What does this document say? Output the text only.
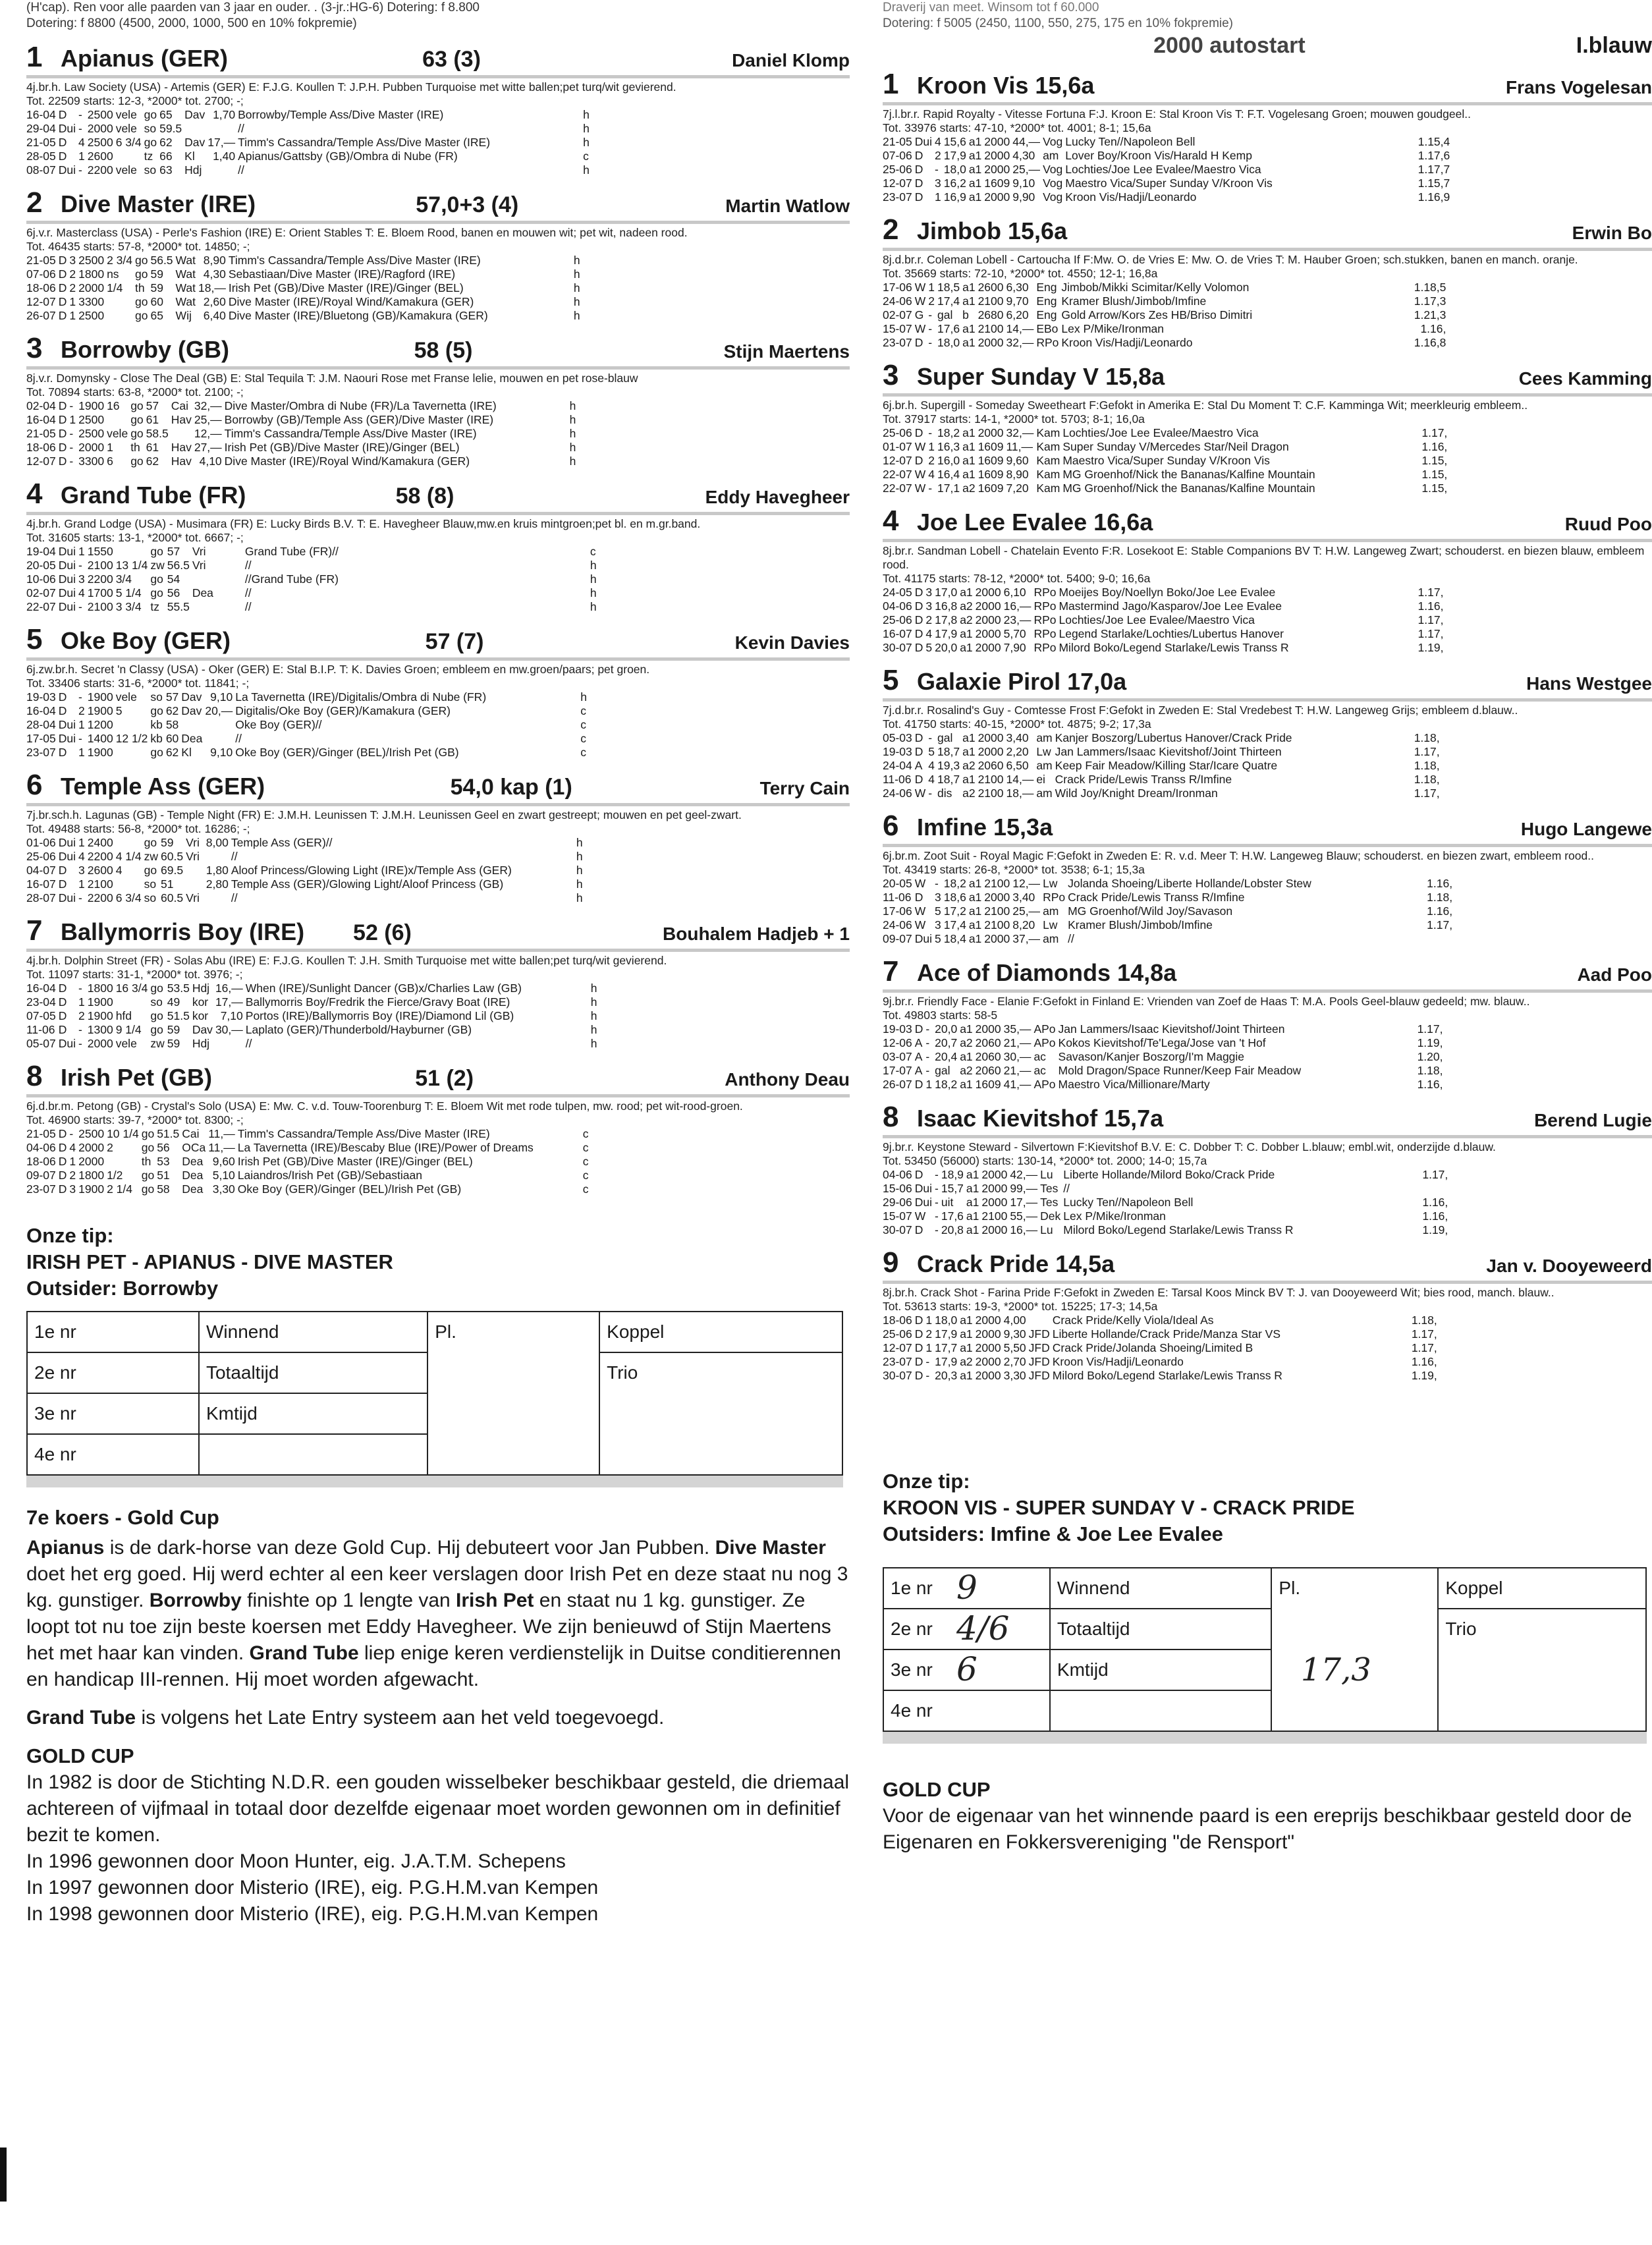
(H'cap). Ren voor alle paarden van 3 jaar en ouder. . (3-jr.:HG-6) Dotering: f 8.800
Dotering: f 8800 (4500, 2000, 1000, 500 en 10% fokpremie)
1 Apianus (GER)	63 (3)	Daniel Klomp
4j.br.h. Law Society (USA) - Artemis (GER) E: F.J.G. Koullen T: J.P.H. Pubben Turquoise met witte ballen;pet turq/wit gevierend.
Tot. 22509 starts: 12-3, *2000* tot. 2700; -;
16-04	D	-	2500	vele	go	65	Dav	1,70	Borrowby/Temple Ass/Dive Master (IRE)	h
29-04	Dui	-	2000	vele	so	59.5			//	h
21-05	D	4	2500	6 3/4	go	62	Dav	17,—	Timm's Cassandra/Temple Ass/Dive Master (IRE)	h
28-05	D	1	2600		tz	66	Kl	1,40	Apianus/Gattsby (GB)/Ombra di Nube (FR)	c
08-07	Dui	-	2200	vele	so	63	Hdj		//	h
2 Dive Master (IRE)	57,0+3 (4)	Martin Watlow
6j.v.r. Masterclass (USA) - Perle's Fashion (IRE) E: Orient Stables T: E. Bloem Rood, banen en mouwen wit; pet wit, nadeen rood.
Tot. 46435 starts: 57-8, *2000* tot. 14850; -;
21-05	D	3	2500	2 3/4	go	56.5	Wat	8,90	Timm's Cassandra/Temple Ass/Dive Master (IRE)	h
07-06	D	2	1800	ns	go	59	Wat	4,30	Sebastiaan/Dive Master (IRE)/Ragford (IRE)	h
18-06	D	2	2000	1/4	th	59	Wat	18,—	Irish Pet (GB)/Dive Master (IRE)/Ginger (BEL)	h
12-07	D	1	3300		go	60	Wat	2,60	Dive Master (IRE)/Royal Wind/Kamakura (GER)	h
26-07	D	1	2500		go	65	Wij	6,40	Dive Master (IRE)/Bluetong (GB)/Kamakura (GER)	h
3 Borrowby (GB)	58 (5)	Stijn Maertens
8j.v.r. Domynsky - Close The Deal (GB) E: Stal Tequila T: J.M. Naouri Rose met Franse lelie, mouwen en pet rose-blauw
Tot. 70894 starts: 63-8, *2000* tot. 2100; -;
02-04	D	-	1900	16	go	57	Cai	32,—	Dive Master/Ombra di Nube (FR)/La Tavernetta (IRE)	h
16-04	D	1	2500		go	61	Hav	25,—	Borrowby (GB)/Temple Ass (GER)/Dive Master (IRE)	h
21-05	D	-	2500	vele	go	58.5		12,—	Timm's Cassandra/Temple Ass/Dive Master (IRE)	h
18-06	D	-	2000	1	th	61	Hav	27,—	Irish Pet (GB)/Dive Master (IRE)/Ginger (BEL)	h
12-07	D	-	3300	6	go	62	Hav	4,10	Dive Master (IRE)/Royal Wind/Kamakura (GER)	h
4 Grand Tube (FR)	58 (8)	Eddy Havegheer
4j.br.h. Grand Lodge (USA) - Musimara (FR) E: Lucky Birds B.V. T: E. Havegheer Blauw,mw.en kruis mintgroen;pet bl. en m.gr.band.
Tot. 31605 starts: 13-1, *2000* tot. 6667; -;
19-04	Dui	1	1550		go	57	Vri		Grand Tube (FR)//	c
20-05	Dui	-	2100	13 1/4	zw	56.5	Vri		//	h
10-06	Dui	3	2200	3/4	go	54			//Grand Tube (FR)	h
02-07	Dui	4	1700	5 1/4	go	56	Dea		//	h
22-07	Dui	-	2100	3 3/4	tz	55.5			//	h
5 Oke Boy (GER)	57 (7)	Kevin Davies
6j.zw.br.h. Secret 'n Classy (USA) - Oker (GER) E: Stal B.I.P. T: K. Davies Groen; embleem en mw.groen/paars; pet groen.
Tot. 33406 starts: 31-6, *2000* tot. 11841; -;
19-03	D	-	1900	vele	so	57	Dav	9,10	La Tavernetta (IRE)/Digitalis/Ombra di Nube (FR)	h
16-04	D	2	1900	5	go	62	Dav	20,—	Digitalis/Oke Boy (GER)/Kamakura (GER)	c
28-04	Dui	1	1200		kb	58			Oke Boy (GER)//	c
17-05	Dui	-	1400	12 1/2	kb	60	Dea		//	c
23-07	D	1	1900		go	62	Kl	9,10	Oke Boy (GER)/Ginger (BEL)/Irish Pet (GB)	c
6 Temple Ass (GER)	54,0 kap (1)	Terry Cain
7j.br.sch.h. Lagunas (GB) - Temple Night (FR) E: J.M.H. Leunissen T: J.M.H. Leunissen Geel en zwart gestreept; mouwen en pet geel-zwart.
Tot. 49488 starts: 56-8, *2000* tot. 16286; -;
01-06	Dui	1	2400		go	59	Vri	8,00	Temple Ass (GER)//	h
25-06	Dui	4	2200	4 1/4	zw	60.5	Vri		//	h
04-07	D	3	2600	4	go	69.5		1,80	Aloof Princess/Glowing Light (IRE)x/Temple Ass (GER)	h
16-07	D	1	2100		so	51		2,80	Temple Ass (GER)/Glowing Light/Aloof Princess (GB)	h
28-07	Dui	-	2200	6 3/4	so	60.5	Vri		//	h
7 Ballymorris Boy (IRE)	52 (6)	Bouhalem Hadjeb + 1
4j.br.h. Dolphin Street (FR) - Solas Abu (IRE) E: F.J.G. Koullen T: J.H. Smith Turquoise met witte ballen;pet turq/wit gevierend.
Tot. 11097 starts: 31-1, *2000* tot. 3976; -;
16-04	D	-	1800	16 3/4	go	53.5	Hdj	16,—	When (IRE)/Sunlight Dancer (GB)x/Charlies Law (GB)	h
23-04	D	1	1900		so	49	kor	17,—	Ballymorris Boy/Fredrik the Fierce/Gravy Boat (IRE)	h
07-05	D	2	1900	hfd	go	51.5	kor	7,10	Portos (IRE)/Ballymorris Boy (IRE)/Diamond Lil (GB)	h
11-06	D	-	1300	9 1/4	go	59	Dav	30,—	Laplato (GER)/Thunderbold/Hayburner (GB)	h
05-07	Dui	-	2000	vele	zw	59	Hdj		//	h
8 Irish Pet (GB)	51 (2)	Anthony Deau
6j.d.br.m. Petong (GB) - Crystal's Solo (USA) E: Mw. C. v.d. Touw-Toorenburg T: E. Bloem Wit met rode tulpen, mw. rood; pet wit-rood-groen.
Tot. 46900 starts: 39-7, *2000* tot. 8300; -;
21-05	D	-	2500	10 1/4	go	51.5	Cai	11,—	Timm's Cassandra/Temple Ass/Dive Master (IRE)	c
04-06	D	4	2000	2	go	56	OCa	11,—	La Tavernetta (IRE)/Bescaby Blue (IRE)/Power of Dreams	c
18-06	D	1	2000		th	53	Dea	9,60	Irish Pet (GB)/Dive Master (IRE)/Ginger (BEL)	c
09-07	D	2	1800	1/2	go	51	Dea	5,10	Laiandros/Irish Pet (GB)/Sebastiaan	c
23-07	D	3	1900	2 1/4	go	58	Dea	3,30	Oke Boy (GER)/Ginger (BEL)/Irish Pet (GB)	c
Onze tip:
IRISH PET - APIANUS - DIVE MASTER
Outsider: Borrowby
1e nr	Winnend	Pl.	Koppel
2e nr	Totaaltijd		Trio
3e nr	Kmtijd		
4e nr			
7e koers - Gold Cup

Apianus is de dark-horse van deze Gold Cup. Hij debuteert voor Jan Pubben. Dive Master doet het erg goed. Hij werd echter al een keer verslagen door Irish Pet en deze staat nu nog 3 kg. gunstiger. Borrowby finishte op 1 lengte van Irish Pet en staat nu 1 kg. gunstiger. Ze loopt tot nu toe zijn beste koersen met Eddy Havegheer. We zijn benieuwd of Stijn Maertens het met haar kan vinden. Grand Tube liep enige keren verdienstelijk in Duitse conditierennen en handicap III-rennen. Hij moet worden afgewacht.

Grand Tube is volgens het Late Entry systeem aan het veld toegevoegd.

GOLD CUP
In 1982 is door de Stichting N.D.R. een gouden wisselbeker beschikbaar gesteld, die driemaal achtereen of vijfmaal in totaal door dezelfde eigenaar moet worden gewonnen om in definitief bezit te komen.
In 1996 gewonnen door Moon Hunter, eig. J.A.T.M. Schepens
In 1997 gewonnen door Misterio (IRE), eig. P.G.H.M.van Kempen
In 1998 gewonnen door Misterio (IRE), eig. P.G.H.M.van Kempen
Draverij van meet. Winsom tot f 60.000
Dotering: f 5005 (2450, 1100, 550, 275, 175 en 10% fokpremie)
2000 autostart	I.blauw
1 Kroon Vis 15,6a	Frans Vogelesan
7j.l.br.r. Rapid Royalty - Vitesse Fortuna F:J. Kroon E: Stal Kroon Vis T: F.T. Vogelesang Groen; mouwen goudgeel..
Tot. 33976 starts: 47-10, *2000* tot. 4001; 8-1; 15,6a
21-05	Dui	4	15,6	a1	2000	44,—	Vog	Lucky Ten//Napoleon Bell	1.15,4
07-06	D	2	17,9	a1	2000	4,30	am	Lover Boy/Kroon Vis/Harald H Kemp	1.17,6
25-06	D	-	18,0	a1	2000	25,—	Vog	Lochties/Joe Lee Evalee/Maestro Vica	1.17,7
12-07	D	3	16,2	a1	1609	9,10	Vog	Maestro Vica/Super Sunday V/Kroon Vis	1.15,7
23-07	D	1	16,9	a1	2000	9,90	Vog	Kroon Vis/Hadji/Leonardo	1.16,9
2 Jimbob 15,6a	Erwin Bo
8j.d.br.r. Coleman Lobell - Cartoucha If F:Mw. O. de Vries E: Mw. O. de Vries T: M. Hauber Groen; sch.stukken, banen en manch. oranje.
Tot. 35669 starts: 72-10, *2000* tot. 4550; 12-1; 16,8a
17-06	W	1	18,5	a1	2600	6,30	Eng	Jimbob/Mikki Scimitar/Kelly Volomon	1.18,5
24-06	W	2	17,4	a1	2100	9,70	Eng	Kramer Blush/Jimbob/Imfine	1.17,3
02-07	G	-	gal	b	2680	6,20	Eng	Gold Arrow/Kors Zes HB/Briso Dimitri	1.21,3
15-07	W	-	17,6	a1	2100	14,—	EBo	Lex P/Mike/Ironman	1.16,
23-07	D	-	18,0	a1	2000	32,—	RPo	Kroon Vis/Hadji/Leonardo	1.16,8
3 Super Sunday V 15,8a	Cees Kamming
6j.br.h. Supergill - Someday Sweetheart F:Gefokt in Amerika E: Stal Du Moment T: C.F. Kamminga Wit; meerkleurig embleem..
Tot. 37917 starts: 14-1, *2000* tot. 5703; 8-1; 16,0a
25-06	D	-	18,2	a1	2000	32,—	Kam	Lochties/Joe Lee Evalee/Maestro Vica	1.17,
01-07	W	1	16,3	a1	1609	11,—	Kam	Super Sunday V/Mercedes Star/Neil Dragon	1.16,
12-07	D	2	16,0	a1	1609	9,60	Kam	Maestro Vica/Super Sunday V/Kroon Vis	1.15,
22-07	W	4	16,4	a1	1609	8,90	Kam	MG Groenhof/Nick the Bananas/Kalfine Mountain	1.15,
22-07	W	-	17,1	a2	1609	7,20	Kam	MG Groenhof/Nick the Bananas/Kalfine Mountain	1.15,
4 Joe Lee Evalee 16,6a	Ruud Poo
8j.br.r. Sandman Lobell - Chatelain Evento F:R. Losekoot E: Stable Companions BV T: H.W. Langeweg Zwart; schouderst. en biezen blauw, embleem rood.
Tot. 41175 starts: 78-12, *2000* tot. 5400; 9-0; 16,6a
24-05	D	3	17,0	a1	2000	6,10	RPo	Moeijes Boy/Noellyn Boko/Joe Lee Evalee	1.17,
04-06	D	3	16,8	a2	2000	16,—	RPo	Mastermind Jago/Kasparov/Joe Lee Evalee	1.16,
25-06	D	2	17,8	a2	2000	23,—	RPo	Lochties/Joe Lee Evalee/Maestro Vica	1.17,
16-07	D	4	17,9	a1	2000	5,70	RPo	Legend Starlake/Lochties/Lubertus Hanover	1.17,
30-07	D	5	20,0	a1	2000	7,90	RPo	Milord Boko/Legend Starlake/Lewis Transs R	1.19,
5 Galaxie Pirol 17,0a	Hans Westgee
7j.d.br.r. Rosalind's Guy - Comtesse Frost F:Gefokt in Zweden E: Stal Vredebest T: H.W. Langeweg Grijs; embleem d.blauw..
Tot. 41750 starts: 40-15, *2000* tot. 4875; 9-2; 17,3a
05-03	D	-	gal	a1	2000	3,40	am	Kanjer Boszorg/Lubertus Hanover/Crack Pride	1.18,
19-03	D	5	18,7	a1	2000	2,20	Lw	Jan Lammers/Isaac Kievitshof/Joint Thirteen	1.17,
24-04	A	4	19,3	a2	2060	6,50	am	Keep Fair Meadow/Killing Star/Icare Quatre	1.18,
11-06	D	4	18,7	a1	2100	14,—	ei	Crack Pride/Lewis Transs R/Imfine	1.18,
24-06	W	-	dis	a2	2100	18,—	am	Wild Joy/Knight Dream/Ironman	1.17,
6 Imfine 15,3a	Hugo Langewe
6j.br.m. Zoot Suit - Royal Magic F:Gefokt in Zweden E: R. v.d. Meer T: H.W. Langeweg Blauw; schouderst. en biezen zwart, embleem rood..
Tot. 43419 starts: 26-8, *2000* tot. 3538; 6-1; 15,3a
20-05	W	-	18,2	a1	2100	12,—	Lw	Jolanda Shoeing/Liberte Hollande/Lobster Stew	1.16,
11-06	D	3	18,6	a1	2000	3,40	RPo	Crack Pride/Lewis Transs R/Imfine	1.18,
17-06	W	5	17,2	a1	2100	25,—	am	MG Groenhof/Wild Joy/Savason	1.16,
24-06	W	3	17,4	a1	2100	8,20	Lw	Kramer Blush/Jimbob/Imfine	1.17,
09-07	Dui	5	18,4	a1	2000	37,—	am	//	
7 Ace of Diamonds 14,8a	Aad Poo
9j.br.r. Friendly Face - Elanie F:Gefokt in Finland E: Vrienden van Zoef de Haas T: M.A. Pools Geel-blauw gedeeld; mw. blauw..
Tot. 49803 starts: 58-5
19-03	D	-	20,0	a1	2000	35,—	APo	Jan Lammers/Isaac Kievitshof/Joint Thirteen	1.17,
12-06	A	-	20,7	a2	2060	21,—	APo	Kokos Kievitshof/Te'Lega/Jose van 't Hof	1.19,
03-07	A	-	20,4	a1	2060	30,—	ac	Savason/Kanjer Boszorg/I'm Maggie	1.20,
17-07	A	-	gal	a2	2060	21,—	ac	Mold Dragon/Space Runner/Keep Fair Meadow	1.18,
26-07	D	1	18,2	a1	1609	41,—	APo	Maestro Vica/Millionare/Marty	1.16,
8 Isaac Kievitshof 15,7a	Berend Lugie
9j.br.r. Keystone Steward - Silvertown F:Kievitshof B.V. E: C. Dobber T: C. Dobber L.blauw; embl.wit, onderzijde d.blauw.
Tot. 53450 (56000) starts: 130-14, *2000* tot. 2000; 14-0; 15,7a
04-06	D	-	18,9	a1	2000	42,—	Lu	Liberte Hollande/Milord Boko/Crack Pride	1.17,
15-06	Dui	-	15,7	a1	2000	99,—	Tes	//	
29-06	Dui	-	uit	a1	2000	17,—	Tes	Lucky Ten//Napoleon Bell	1.16,
15-07	W	-	17,6	a1	2100	55,—	Dek	Lex P/Mike/Ironman	1.16,
30-07	D	-	20,8	a1	2000	16,—	Lu	Milord Boko/Legend Starlake/Lewis Transs R	1.19,
9 Crack Pride 14,5a	Jan v. Dooyeweerd
8j.br.h. Crack Shot - Farina Pride F:Gefokt in Zweden E: Tarsal Koos Minck BV T: J. van Dooyeweerd Wit; bies rood, manch. blauw..
Tot. 53613 starts: 19-3, *2000* tot. 15225; 17-3; 14,5a
18-06	D	1	18,0	a1	2000	4,00		Crack Pride/Kelly Viola/Ideal As	1.18,
25-06	D	2	17,9	a1	2000	9,30	JFD	Liberte Hollande/Crack Pride/Manza Star VS	1.17,
12-07	D	1	17,7	a1	2000	5,50	JFD	Crack Pride/Jolanda Shoeing/Limited B	1.17,
23-07	D	-	17,9	a2	2000	2,70	JFD	Kroon Vis/Hadji/Leonardo	1.16,
30-07	D	-	20,3	a1	2000	3,30	JFD	Milord Boko/Legend Starlake/Lewis Transs R	1.19,
Onze tip:
KROON VIS - SUPER SUNDAY V - CRACK PRIDE
Outsiders: Imfine & Joe Lee Evalee
1e nr 9	Winnend	Pl.	Koppel
2e nr 4/6	Totaaltijd		Trio
3e nr 6	Kmtijd 17,3		

4e nr			
GOLD CUP
Voor de eigenaar van het winnende paard is een ereprijs beschikbaar gesteld door de Eigenaren en Fokkersvereniging "de Rensport"
